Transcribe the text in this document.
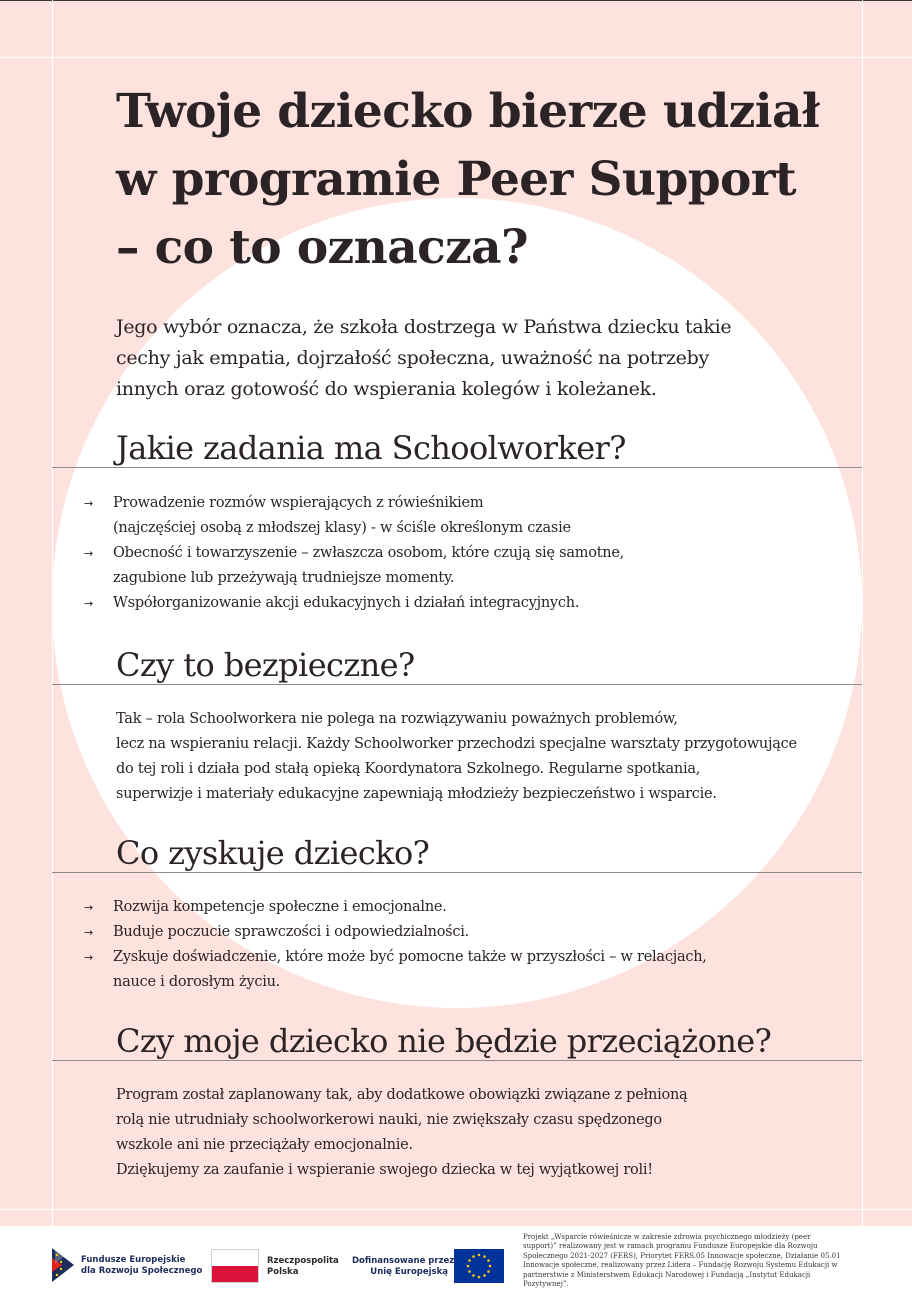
Twoje dziecko bierze udział
w programie Peer Support
– co to oznacza?

Jego wybór oznacza, że szkoła dostrzega w Państwa dziecku takie
cechy jak empatia, dojrzałość społeczna, uważność na potrzeby
innych oraz gotowość do wspierania kolegów i koleżanek.

Jakie zadania ma Schoolworker?
→ Prowadzenie rozmów wspierających z rówieśnikiem
(najczęściej osobą z młodszej klasy) - w ściśle określonym czasie
→ Obecność i towarzyszenie – zwłaszcza osobom, które czują się samotne,
zagubione lub przeżywają trudniejsze momenty.
→ Współorganizowanie akcji edukacyjnych i działań integracyjnych.
Czy to bezpieczne?

Tak – rola Schoolworkera nie polega na rozwiązywaniu poważnych problemów,
lecz na wspieraniu relacji. Każdy Schoolworker przechodzi specjalne warsztaty przygotowujące
do tej roli i działa pod stałą opieką Koordynatora Szkolnego. Regularne spotkania,
superwizje i materiały edukacyjne zapewniają młodzieży bezpieczeństwo i wsparcie.

Co zyskuje dziecko?
→ Rozwija kompetencje społeczne i emocjonalne.
→ Buduje poczucie sprawczości i odpowiedzialności.
→ Zyskuje doświadczenie, które może być pomocne także w przyszłości – w relacjach,
nauce i dorosłym życiu.
Czy moje dziecko nie będzie przeciążone?

Program został zaplanowany tak, aby dodatkowe obowiązki związane z pełnioną
rolą nie utrudniały schoolworkerowi nauki, nie zwiększały czasu spędzonego
wszkole ani nie przeciążały emocjonalnie.
Dziękujemy za zaufanie i wspieranie swojego dziecka w tej wyjątkowej roli!

Fundusze Europejskie
dla Rozwoju Społecznego
Rzeczpospolita
Polska
Dofinansowane przez
Unię Europejską

Projekt „Wsparcie rówieśnicze w zakresie zdrowia psychicznego młodzieży (peer
support)” realizowany jest w ramach programu Fundusze Europejskie dla Rozwoju
Społecznego 2021-2027 (FERS), Priorytet FERS.05 Innowacje społeczne, Działanie 05.01
Innowacje społeczne, realizowany przez Lidera – Fundację Rozwoju Systemu Edukacji w
partnerstwie z Ministerstwem Edukacji Narodowej i Fundacją „Instytut Edukacji
Pozytywnej”.
